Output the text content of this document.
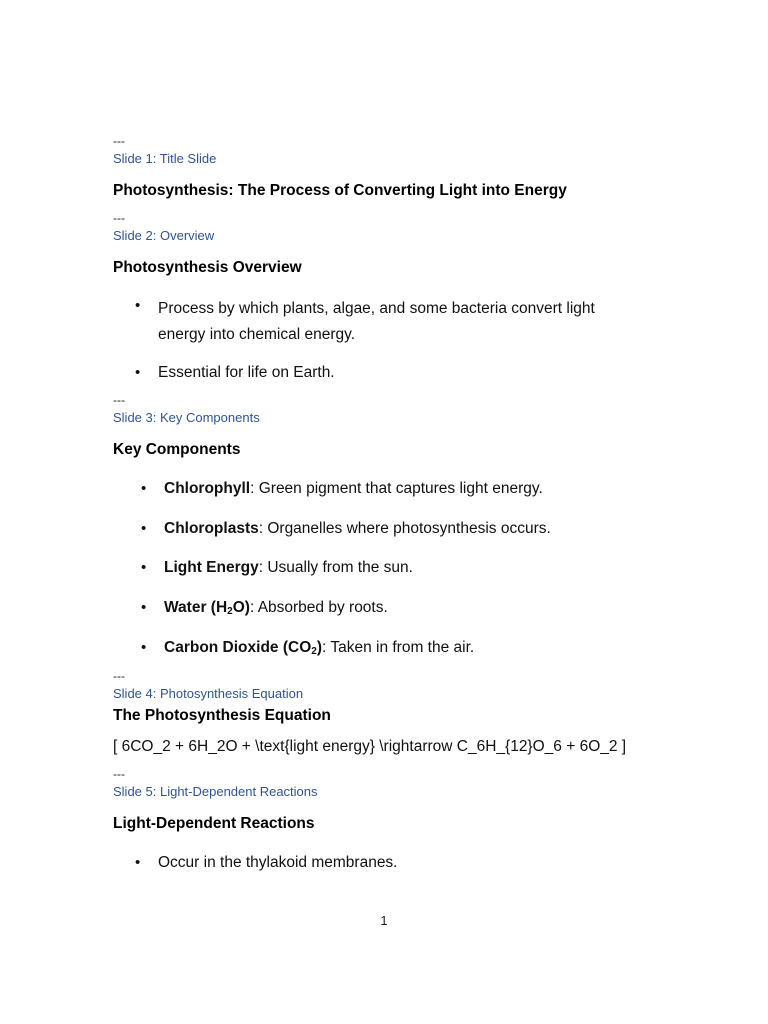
---
Slide 1: Title Slide
Photosynthesis: The Process of Converting Light into Energy
---
Slide 2: Overview
Photosynthesis Overview
• Process by which plants, algae, and some bacteria convert light energy into chemical energy.
• Essential for life on Earth.
---
Slide 3: Key Components
Key Components
• Chlorophyll: Green pigment that captures light energy.
• Chloroplasts: Organelles where photosynthesis occurs.
• Light Energy: Usually from the sun.
• Water $(H_2O)$: Absorbed by roots.
• Carbon Dioxide $(CO_2)$: Taken in from the air.
---
Slide 4: Photosynthesis Equation
The Photosynthesis Equation
[ 6CO_2 + 6H_2O + \text{light energy} \rightarrow C_6H_{12}O_6 + 6O_2 ]
---
Slide 5: Light-Dependent Reactions
Light-Dependent Reactions
• Occur in the thylakoid membranes.
1
